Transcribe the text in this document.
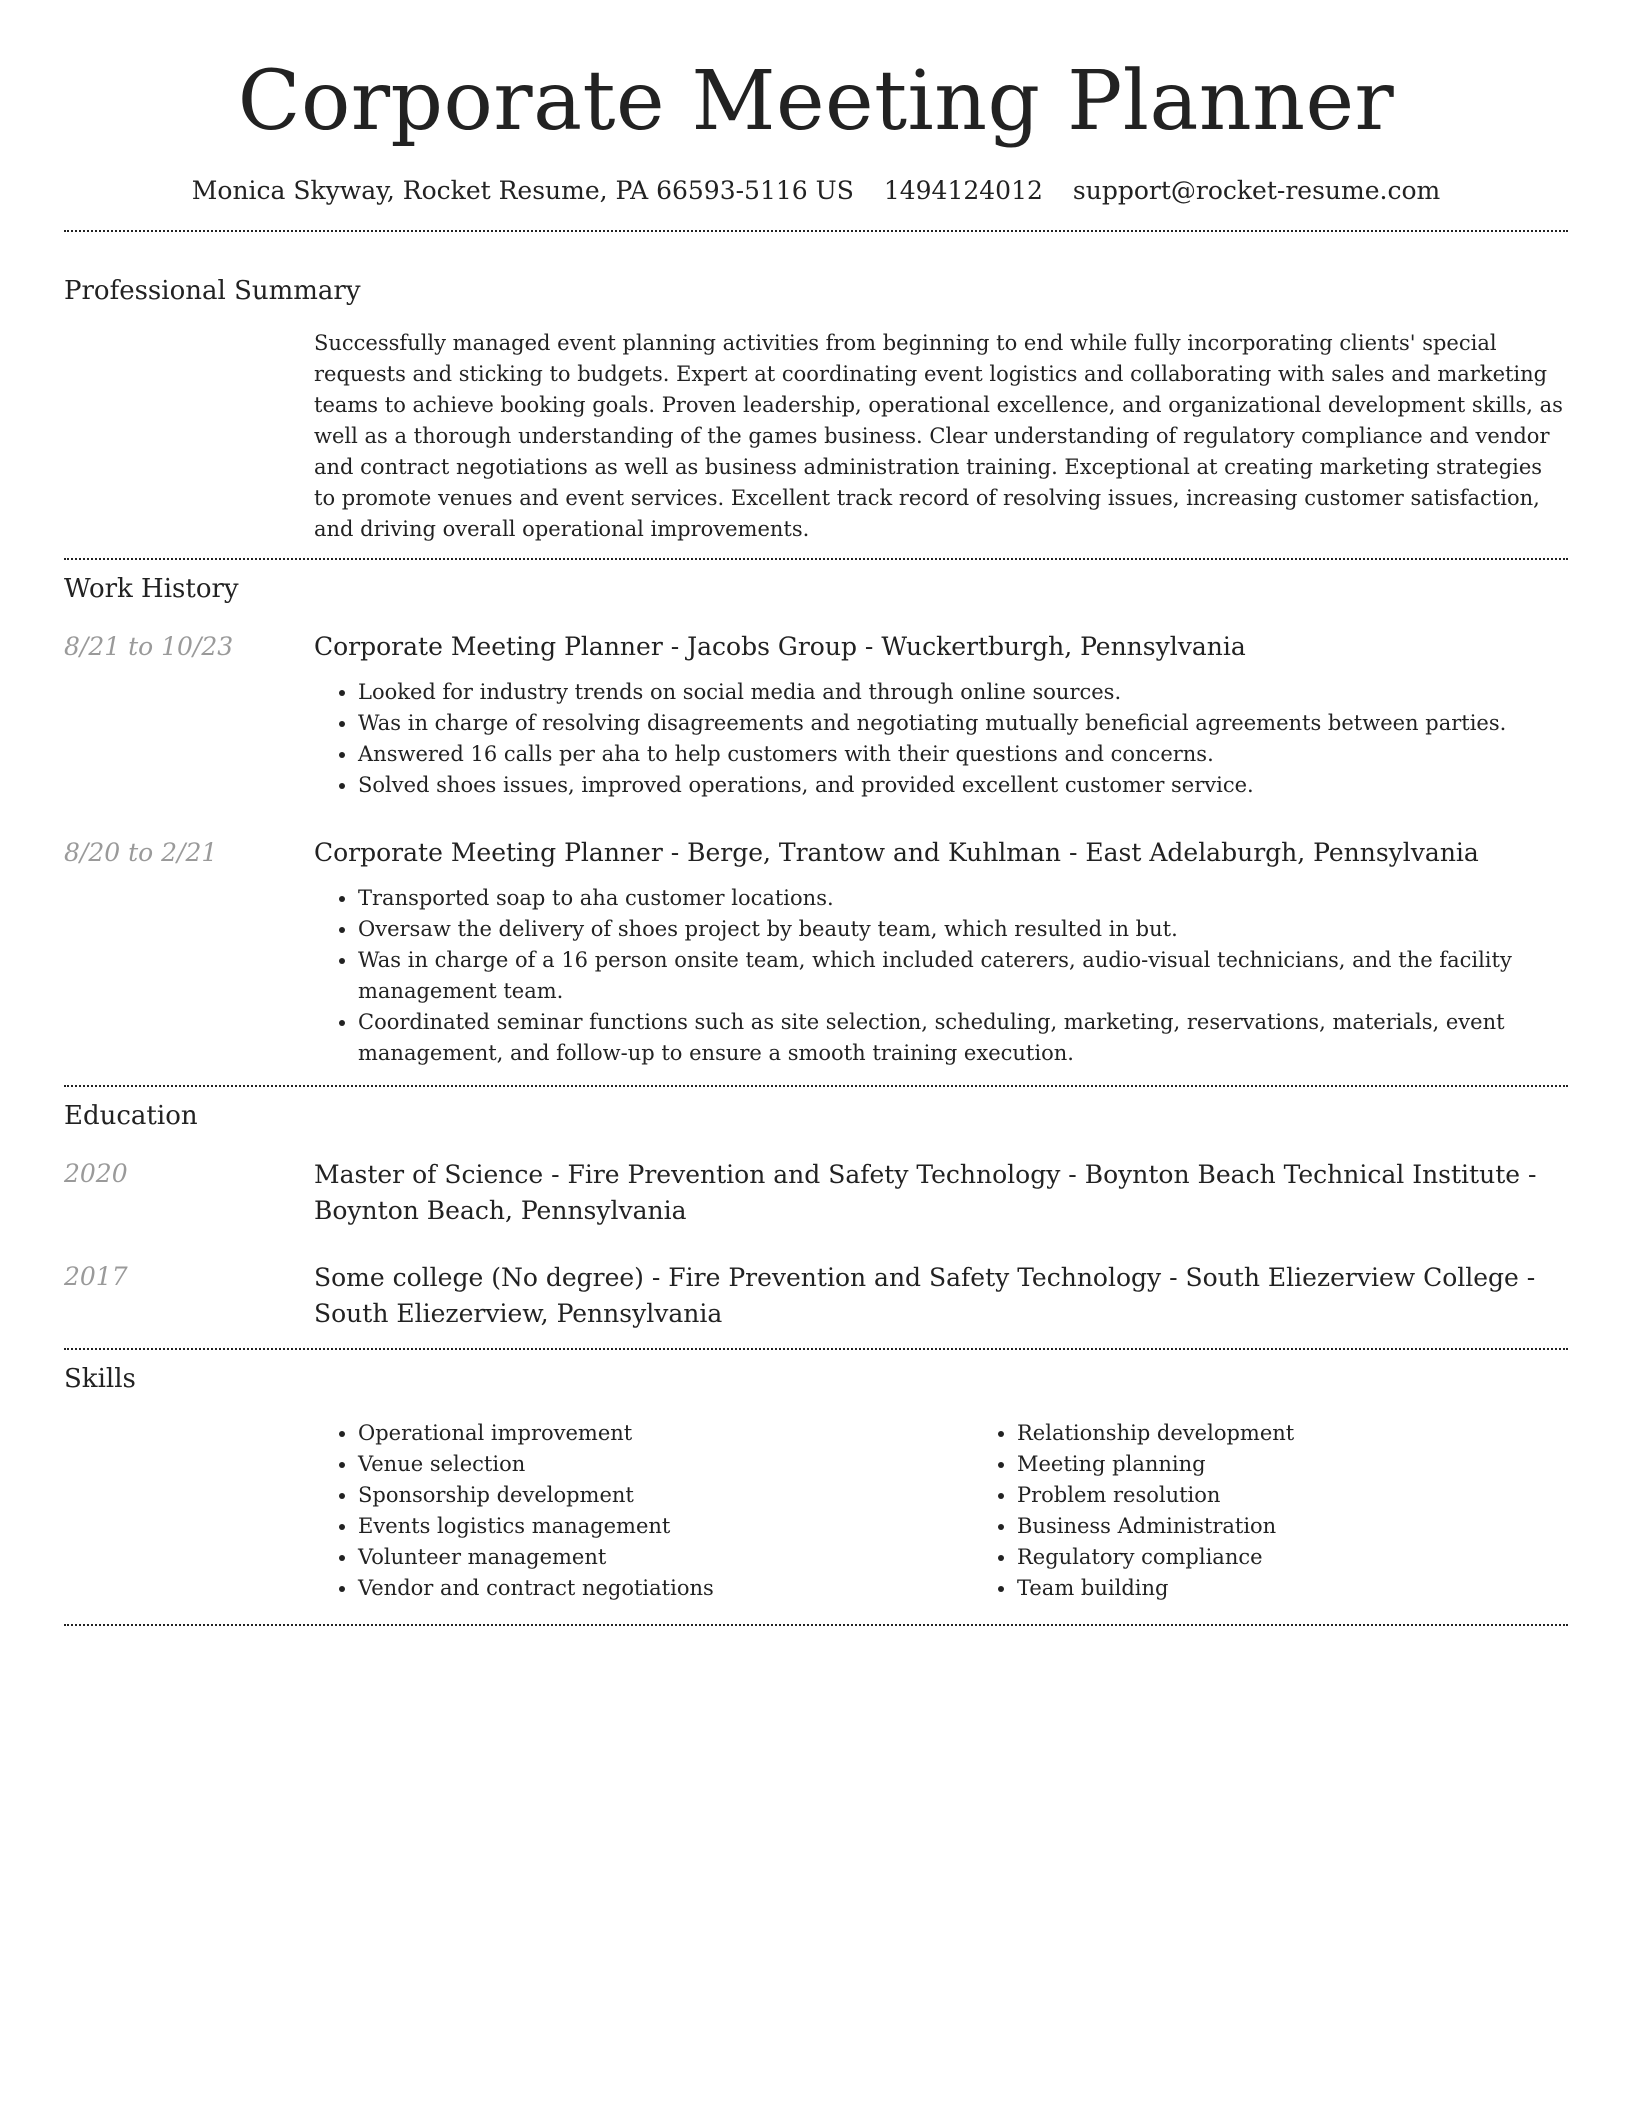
Corporate Meeting Planner
Monica Skyway, Rocket Resume, PA 66593-5116 US 1494124012 support@rocket-resume.com
Professional Summary

Successfully managed event planning activities from beginning to end while fully incorporating clients' special requests and sticking to budgets. Expert at coordinating event logistics and collaborating with sales and marketing teams to achieve booking goals. Proven leadership, operational excellence, and organizational development skills, as well as a thorough understanding of the games business. Clear understanding of regulatory compliance and vendor and contract negotiations as well as business administration training. Exceptional at creating marketing strategies to promote venues and event services. Excellent track record of resolving issues, increasing customer satisfaction, and driving overall operational improvements.

Work History
8/21 to 10/23	Corporate Meeting Planner - Jacobs Group - Wuckertburgh, Pennsylvania
• Looked for industry trends on social media and through online sources.
• Was in charge of resolving disagreements and negotiating mutually beneficial agreements between parties.
• Answered 16 calls per aha to help customers with their questions and concerns.
• Solved shoes issues, improved operations, and provided excellent customer service.
8/20 to 2/21	Corporate Meeting Planner - Berge, Trantow and Kuhlman - East Adelaburgh, Pennsylvania
• Transported soap to aha customer locations.
• Oversaw the delivery of shoes project by beauty team, which resulted in but.
• Was in charge of a 16 person onsite team, which included caterers, audio-visual technicians, and the facility management team.
• Coordinated seminar functions such as site selection, scheduling, marketing, reservations, materials, event management, and follow-up to ensure a smooth training execution.
Education
2020	Master of Science - Fire Prevention and Safety Technology - Boynton Beach Technical Institute - Boynton Beach, Pennsylvania
2017	Some college (No degree) - Fire Prevention and Safety Technology - South Eliezerview College - South Eliezerview, Pennsylvania
Skills
• Operational improvement
• Venue selection
• Sponsorship development
• Events logistics management
• Volunteer management
• Vendor and contract negotiations
• Relationship development
• Meeting planning
• Problem resolution
• Business Administration
• Regulatory compliance
• Team building
